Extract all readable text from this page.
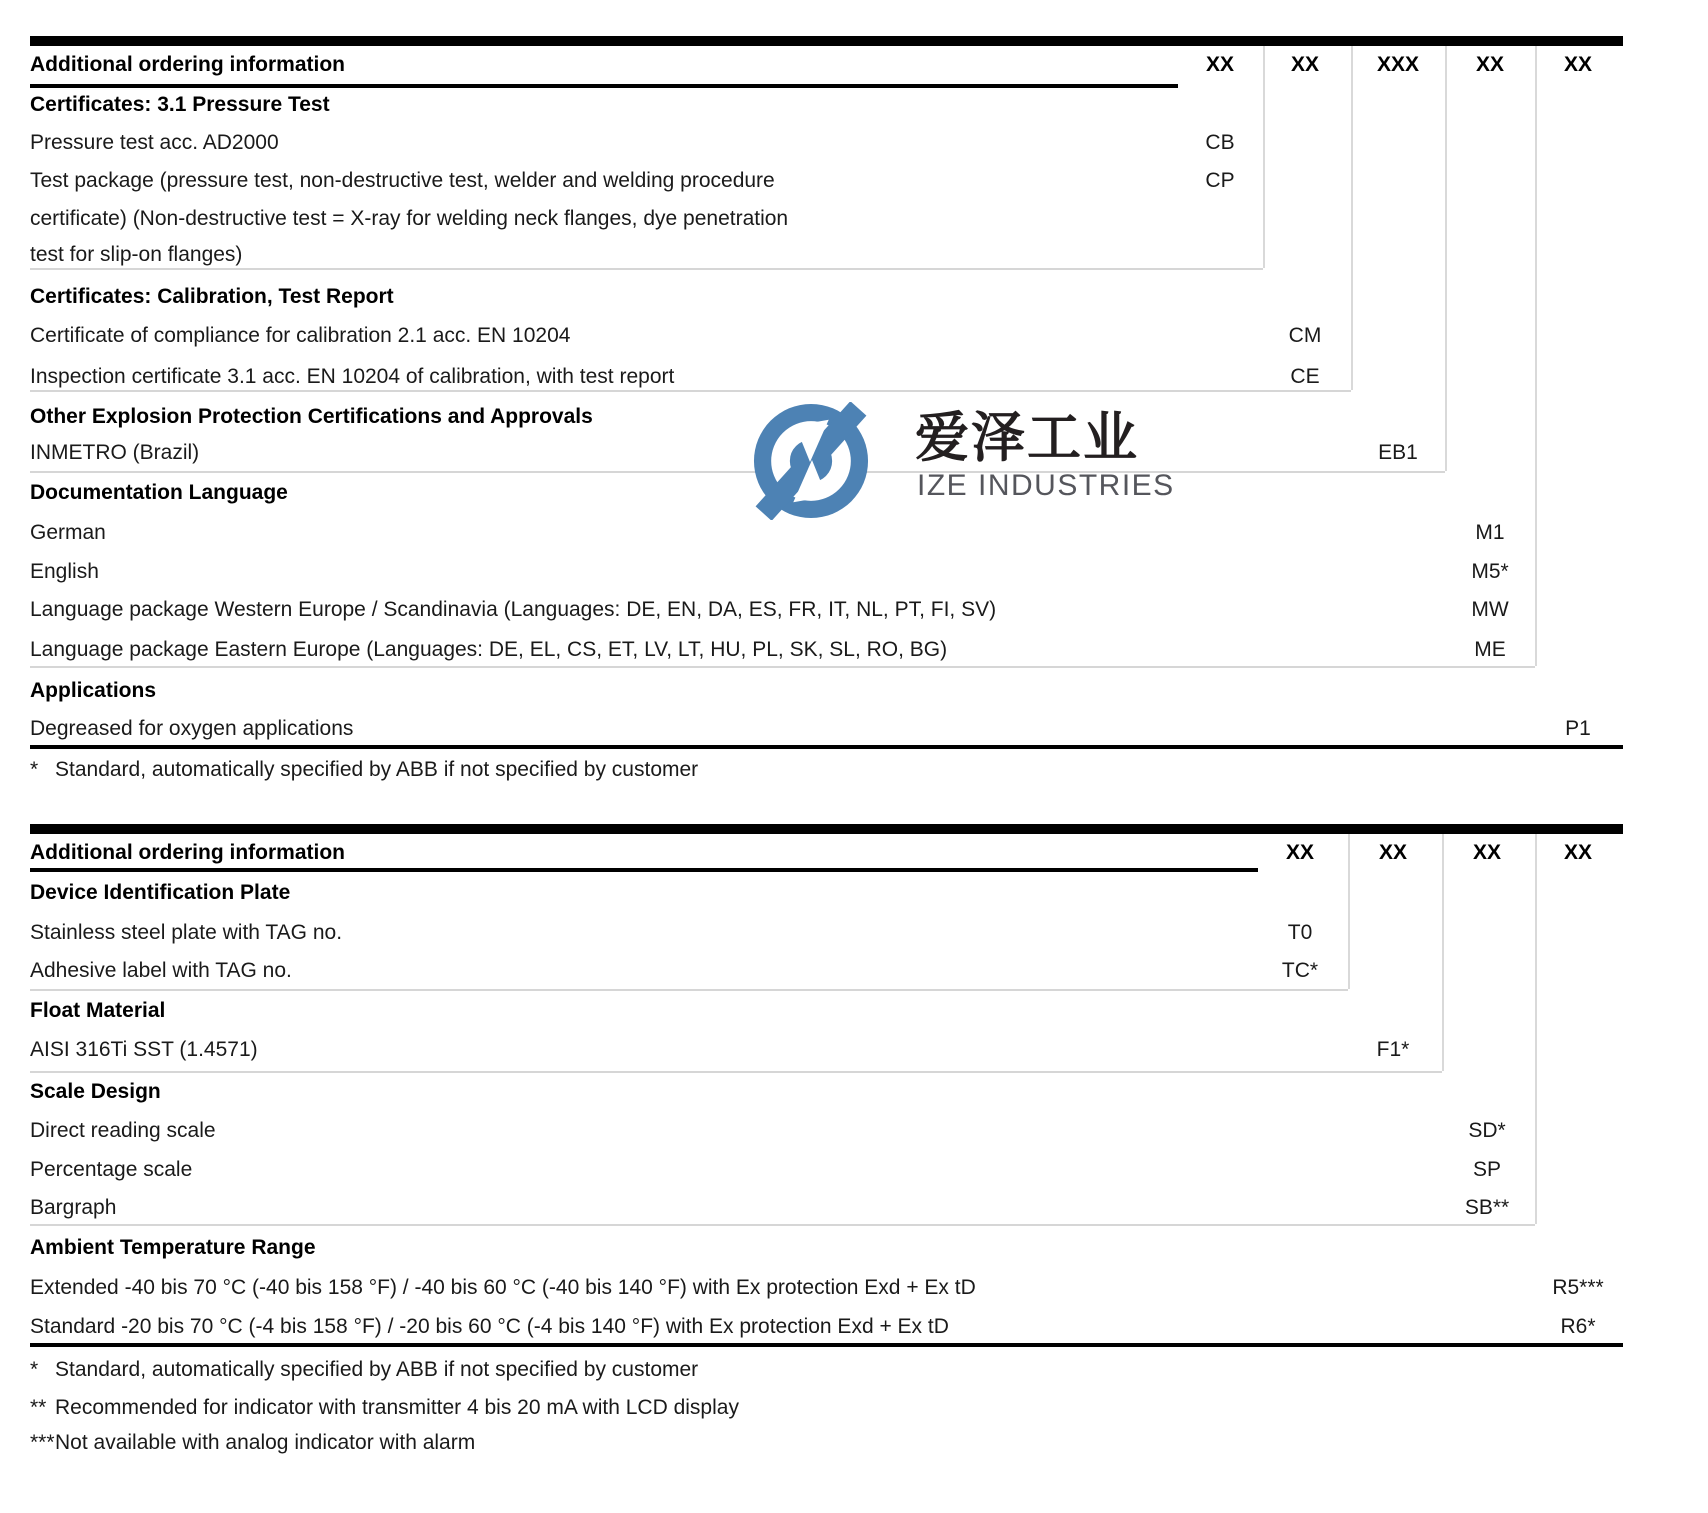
Additional ordering information	XX	XX	XXX	XX	XX
Certificates: 3.1 Pressure Test
Pressure test acc. AD2000	CB
Test package (pressure test, non-destructive test, welder and welding procedure	CP
certificate) (Non-destructive test = X-ray for welding neck flanges, dye penetration
test for slip-on flanges)
Certificates: Calibration, Test Report
Certificate of compliance for calibration 2.1 acc. EN 10204	CM
Inspection certificate 3.1 acc. EN 10204 of calibration, with test report	CE
Other Explosion Protection Certifications and Approvals
INMETRO (Brazil)	EB1
Documentation Language
German	M1
English	M5*
Language package Western Europe / Scandinavia (Languages: DE, EN, DA, ES, FR, IT, NL, PT, FI, SV)	MW
Language package Eastern Europe (Languages: DE, EL, CS, ET, LV, LT, HU, PL, SK, SL, RO, BG)	ME
Applications
Degreased for oxygen applications	P1
* Standard, automatically specified by ABB if not specified by customer
爱泽工业
IZE INDUSTRIES
Additional ordering information	XX	XX	XX	XX
Device Identification Plate
Stainless steel plate with TAG no.	T0
Adhesive label with TAG no.	TC*
Float Material
AISI 316Ti SST (1.4571)	F1*
Scale Design
Direct reading scale	SD*
Percentage scale	SP
Bargraph	SB**
Ambient Temperature Range
Extended -40 bis 70 °C (-40 bis 158 °F) / -40 bis 60 °C (-40 bis 140 °F) with Ex protection Exd + Ex tD	R5***
Standard -20 bis 70 °C (-4 bis 158 °F) / -20 bis 60 °C (-4 bis 140 °F) with Ex protection Exd + Ex tD	R6*
* Standard, automatically specified by ABB if not specified by customer
** Recommended for indicator with transmitter 4 bis 20 mA with LCD display
*** Not available with analog indicator with alarm
